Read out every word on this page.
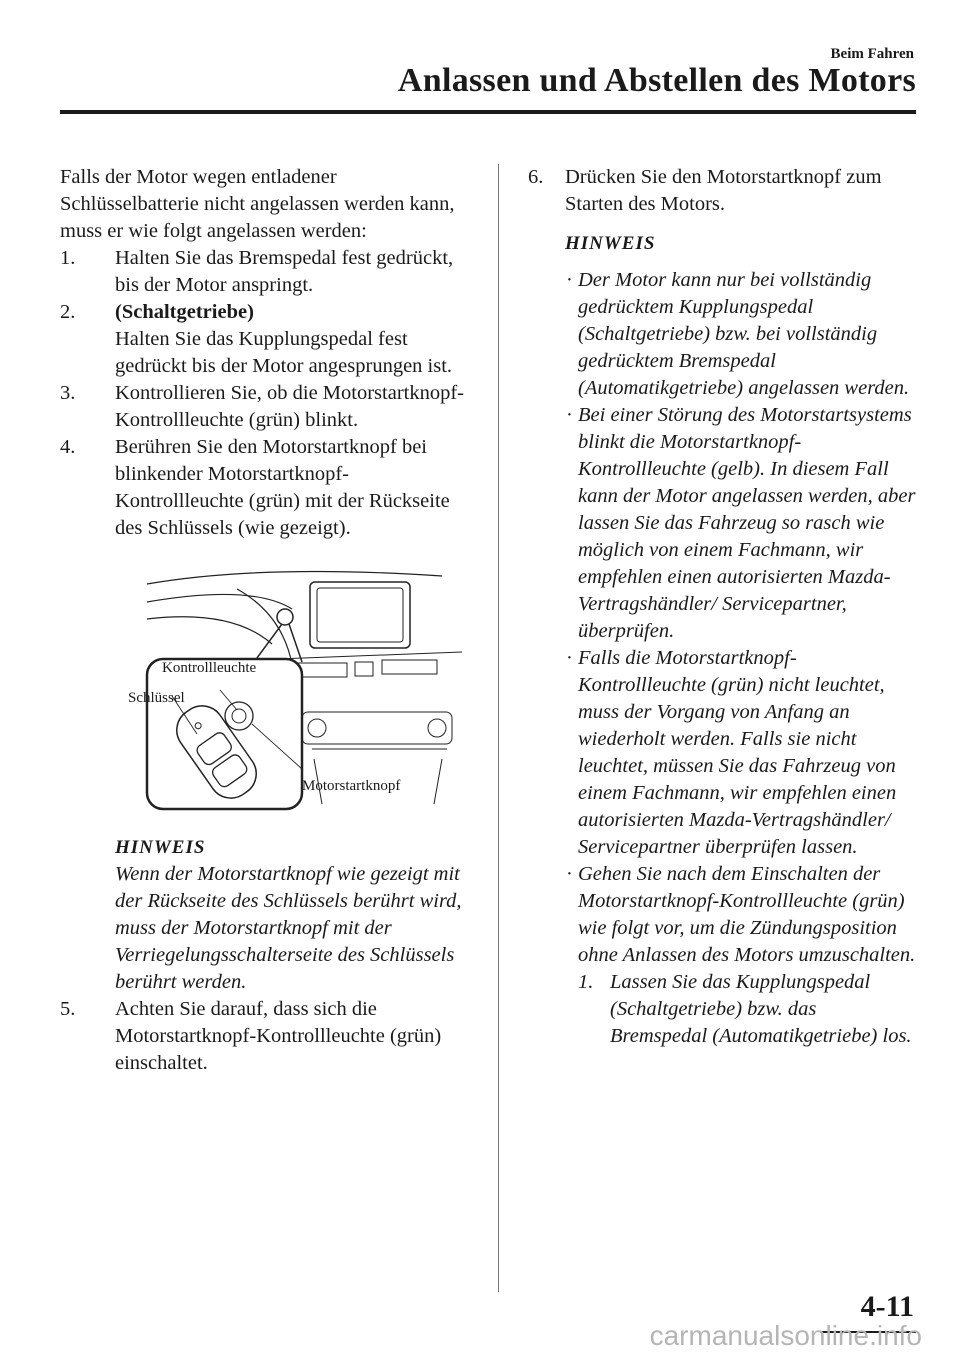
Beim Fahren
Anlassen und Abstellen des Motors

Falls der Motor wegen entladener Schlüsselbatterie nicht angelassen werden kann, muss er wie folgt angelassen werden:

1. Halten Sie das Bremspedal fest gedrückt, bis der Motor anspringt.
2. (Schaltgetriebe)
Halten Sie das Kupplungspedal fest gedrückt bis der Motor angesprungen ist.
3. Kontrollieren Sie, ob die Motorstartknopf-Kontrollleuchte (grün) blinkt.
4. Berühren Sie den Motorstartknopf bei blinkender Motorstartknopf-Kontrollleuchte (grün) mit der Rückseite des Schlüssels (wie gezeigt).
Kontrollleuchte
Schlüssel
Motorstartknopf

HINWEIS

Wenn der Motorstartknopf wie gezeigt mit der Rückseite des Schlüssels berührt wird, muss der Motorstartknopf mit der Verriegelungsschalterseite des Schlüssels berührt werden.

5. Achten Sie darauf, dass sich die Motorstartknopf-Kontrollleuchte (grün) einschaltet.
6. Drücken Sie den Motorstartknopf zum Starten des Motors.

HINWEIS

· Der Motor kann nur bei vollständig gedrücktem Kupplungspedal (Schaltgetriebe) bzw. bei vollständig gedrücktem Bremspedal (Automatikgetriebe) angelassen werden.
· Bei einer Störung des Motorstartsystems blinkt die Motorstartknopf-Kontrollleuchte (gelb). In diesem Fall kann der Motor angelassen werden, aber lassen Sie das Fahrzeug so rasch wie möglich von einem Fachmann, wir empfehlen einen autorisierten Mazda-Vertragshändler/ Servicepartner, überprüfen.
· Falls die Motorstartknopf-Kontrollleuchte (grün) nicht leuchtet, muss der Vorgang von Anfang an wiederholt werden. Falls sie nicht leuchtet, müssen Sie das Fahrzeug von einem Fachmann, wir empfehlen einen autorisierten Mazda-Vertragshändler/ Servicepartner überprüfen lassen.
· Gehen Sie nach dem Einschalten der Motorstartknopf-Kontrollleuchte (grün) wie folgt vor, um die Zündungsposition ohne Anlassen des Motors umzuschalten.
1. Lassen Sie das Kupplungspedal (Schaltgetriebe) bzw. das Bremspedal (Automatikgetriebe) los.
4-11
carmanualsonline.info
